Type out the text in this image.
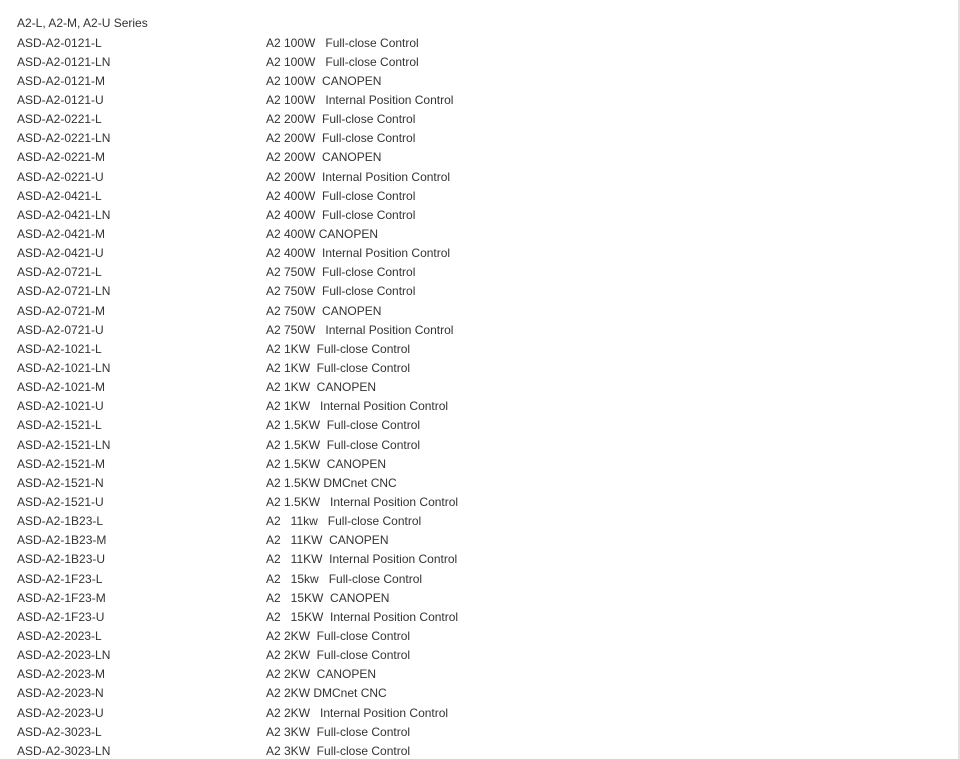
A2-L, A2-M, A2-U Series
ASD-A2-0121-L	A2 100W   Full-close Control
ASD-A2-0121-LN	A2 100W   Full-close Control
ASD-A2-0121-M	A2 100W  CANOPEN
ASD-A2-0121-U	A2 100W   Internal Position Control
ASD-A2-0221-L	A2 200W  Full-close Control
ASD-A2-0221-LN	A2 200W  Full-close Control
ASD-A2-0221-M	A2 200W  CANOPEN
ASD-A2-0221-U	A2 200W  Internal Position Control
ASD-A2-0421-L	A2 400W  Full-close Control
ASD-A2-0421-LN	A2 400W  Full-close Control
ASD-A2-0421-M	A2 400W CANOPEN
ASD-A2-0421-U	A2 400W  Internal Position Control
ASD-A2-0721-L	A2 750W  Full-close Control
ASD-A2-0721-LN	A2 750W  Full-close Control
ASD-A2-0721-M	A2 750W  CANOPEN
ASD-A2-0721-U	A2 750W   Internal Position Control
ASD-A2-1021-L	A2 1KW  Full-close Control
ASD-A2-1021-LN	A2 1KW  Full-close Control
ASD-A2-1021-M	A2 1KW  CANOPEN
ASD-A2-1021-U	A2 1KW   Internal Position Control
ASD-A2-1521-L	A2 1.5KW  Full-close Control
ASD-A2-1521-LN	A2 1.5KW  Full-close Control
ASD-A2-1521-M	A2 1.5KW  CANOPEN
ASD-A2-1521-N	A2 1.5KW DMCnet CNC
ASD-A2-1521-U	A2 1.5KW   Internal Position Control
ASD-A2-1B23-L	A2   11kw   Full-close Control
ASD-A2-1B23-M	A2   11KW  CANOPEN
ASD-A2-1B23-U	A2   11KW  Internal Position Control
ASD-A2-1F23-L	A2   15kw   Full-close Control
ASD-A2-1F23-M	A2   15KW  CANOPEN
ASD-A2-1F23-U	A2   15KW  Internal Position Control
ASD-A2-2023-L	A2 2KW  Full-close Control
ASD-A2-2023-LN	A2 2KW  Full-close Control
ASD-A2-2023-M	A2 2KW  CANOPEN
ASD-A2-2023-N	A2 2KW DMCnet CNC
ASD-A2-2023-U	A2 2KW   Internal Position Control
ASD-A2-3023-L	A2 3KW  Full-close Control
ASD-A2-3023-LN	A2 3KW  Full-close Control
